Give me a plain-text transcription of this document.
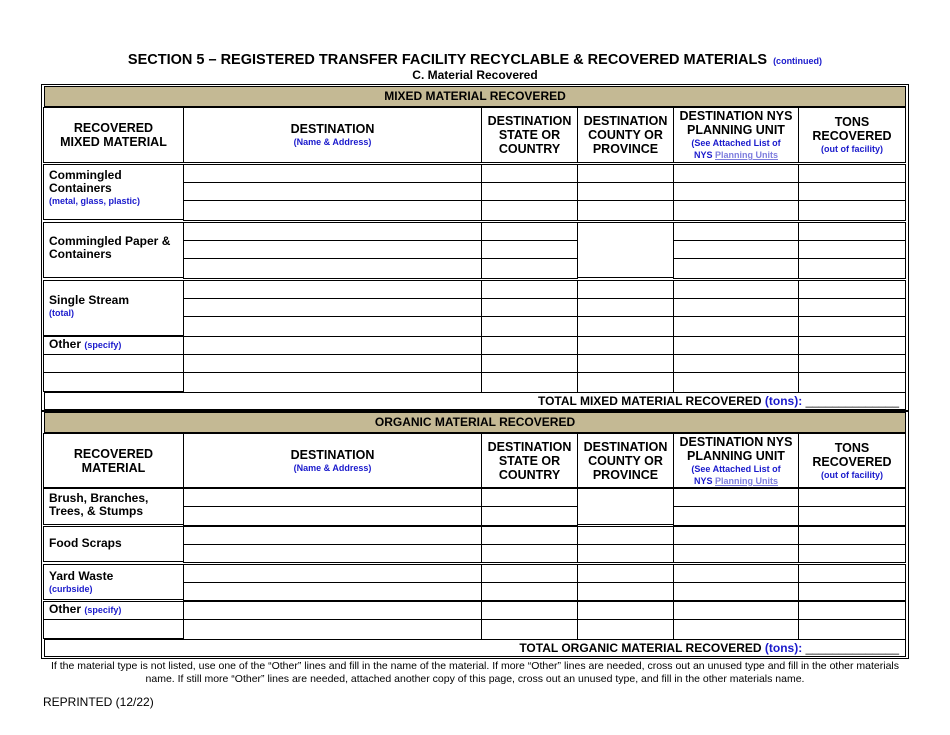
SECTION 5 – REGISTERED TRANSFER FACILITY RECYCLABLE & RECOVERED MATERIALS (continued)
C. Material Recovered
MIXED MATERIAL RECOVERED
RECOVERED
MIXED MATERIAL
DESTINATION
(Name & Address)
DESTINATION
STATE OR
COUNTRY
DESTINATION
COUNTY OR
PROVINCE
DESTINATION NYS
PLANNING UNIT
(See Attached List of
NYS Planning Units
TONS
RECOVERED
(out of facility)
Commingled Containers
(metal, glass, plastic)
Commingled Paper & Containers
Single Stream
(total)
Other (specify)
TOTAL MIXED MATERIAL RECOVERED (tons): ______________
ORGANIC MATERIAL RECOVERED
RECOVERED
MATERIAL
DESTINATION
(Name & Address)
DESTINATION
STATE OR
COUNTRY
DESTINATION
COUNTY OR
PROVINCE
DESTINATION NYS
PLANNING UNIT
(See Attached List of
NYS Planning Units
TONS
RECOVERED
(out of facility)
Brush, Branches, Trees, & Stumps
Food Scraps
Yard Waste
(curbside)
Other (specify)
TOTAL ORGANIC MATERIAL RECOVERED (tons): ______________
If the material type is not listed, use one of the “Other” lines and fill in the name of the material. If more “Other” lines are needed, cross out an unused type and fill in the other materials name. If still more “Other” lines are needed, attached another copy of this page, cross out an unused type, and fill in the other materials name.
REPRINTED (12/22)
